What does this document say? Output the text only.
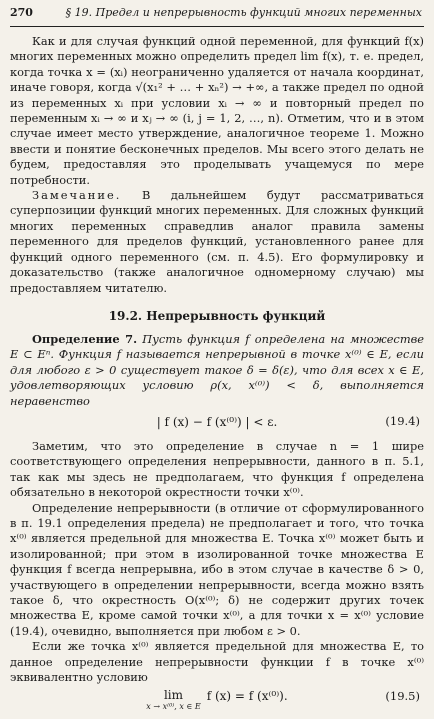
270	§ 19. Предел и непрерывность функций многих переменных

Как и для случая функций одной переменной, для функций f(x) многих переменных можно определить предел lim f(x), т. е. предел, когда точка x = (xᵢ) неограниченно удаляется от начала координат, иначе говоря, когда √(x₁² + … + xₙ²) → +∞, а также предел по одной из переменных xᵢ при условии xᵢ → ∞ и повторный предел по переменным xᵢ → ∞ и xⱼ → ∞ (i, j = 1, 2, …, n). Отметим, что и в этом случае имеет место утверждение, аналогичное теореме 1. Можно ввести и понятие бесконечных пределов. Мы всего этого делать не будем, предоставляя это проделывать учащемуся по мере потребности.

Замечание. В дальнейшем будут рассматриваться суперпозиции функций многих переменных. Для сложных функций многих переменных справедлив аналог правила замены переменного для пределов функций, установленного ранее для функций одного переменного (см. п. 4.5). Его формулировку и доказательство (также аналогичное одномерному случаю) мы предоставляем читателю.

19.2. Непрерывность функций

Определение 7. Пусть функция f определена на множестве E ⊂ Eⁿ. Функция f называется непрерывной в точке x⁽⁰⁾ ∈ E, если для любого ε > 0 существует такое δ = δ(ε), что для всех x ∈ E, удовлетворяющих условию ρ(x, x⁽⁰⁾) < δ, выполняется неравенство

| f (x) − f (x⁽⁰⁾) | < ε.	(19.4)

Заметим, что это определение в случае n = 1 шире соответствующего определения непрерывности, данного в п. 5.1, так как мы здесь не предполагаем, что функция f определена обязательно в некоторой окрестности точки x⁽⁰⁾.

Определение непрерывности (в отличие от сформулированного в п. 19.1 определения предела) не предполагает и того, что точка x⁽⁰⁾ является предельной для множества E. Точка x⁽⁰⁾ может быть и изолированной; при этом в изолированной точке множества E функция f всегда непрерывна, ибо в этом случае в качестве δ > 0, участвующего в определении непрерывности, всегда можно взять такое δ, что окрестность O(x⁽⁰⁾; δ) не содержит других точек множества E, кроме самой точки x⁽⁰⁾, а для точки x = x⁽⁰⁾ условие (19.4), очевидно, выполняется при любом ε > 0.

Если же точка x⁽⁰⁾ является предельной для множества E, то данное определение непрерывности функции f в точке x⁽⁰⁾ эквивалентно условию

lim
x → x⁽⁰⁾, x ∈ E
f (x) = f (x⁽⁰⁾).	(19.5)
